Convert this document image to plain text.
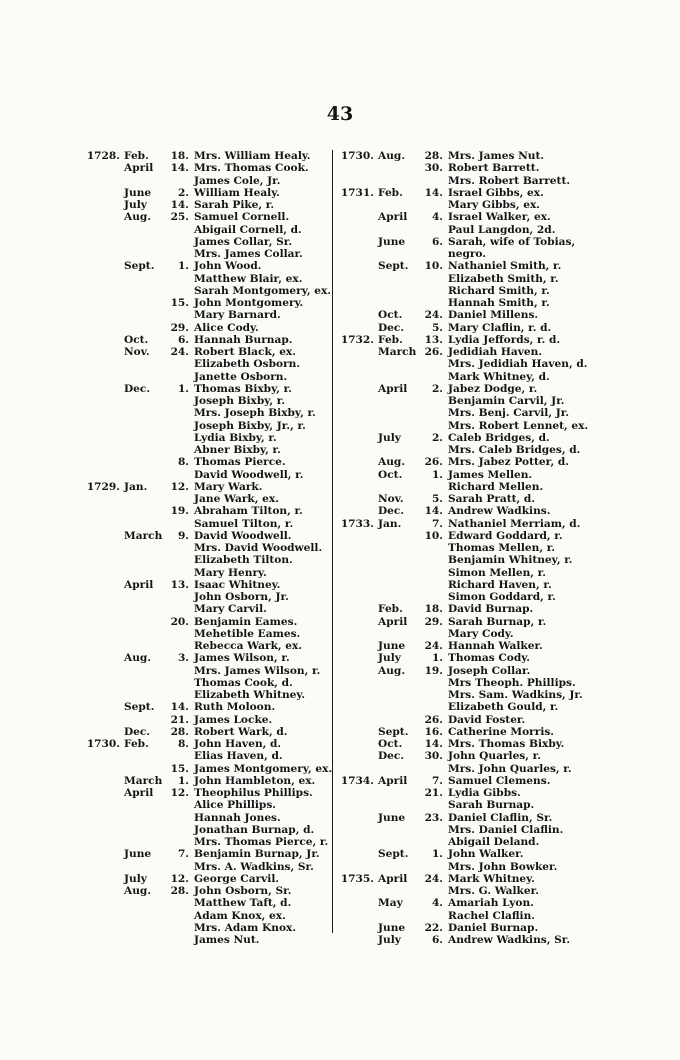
43
1728. Feb.	18. Mrs. William Healy.
April	14. Mrs. Thomas Cook.
James Cole, Jr.
June	2. William Healy.
July	14. Sarah Pike, r.
Aug.	25. Samuel Cornell.
Abigail Cornell, d.
James Collar, Sr.
Mrs. James Collar.
Sept.	1. John Wood.
Matthew Blair, ex.
Sarah Montgomery, ex.
15. John Montgomery.
Mary Barnard.
29. Alice Cody.
Oct.	6. Hannah Burnap.
Nov.	24. Robert Black, ex.
Elizabeth Osborn.
Janette Osborn.
Dec.	1. Thomas Bixby, r.
Joseph Bixby, r.
Mrs. Joseph Bixby, r.
Joseph Bixby, Jr., r.
Lydia Bixby, r.
Abner Bixby, r.
8. Thomas Pierce.
David Woodwell, r.
1729. Jan.	12. Mary Wark.
Jane Wark, ex.
19. Abraham Tilton, r.
Samuel Tilton, r.
March	9. David Woodwell.
Mrs. David Woodwell.
Elizabeth Tilton.
Mary Henry.
April	13. Isaac Whitney.
John Osborn, Jr.
Mary Carvil.
20. Benjamin Eames.
Mehetible Eames.
Rebecca Wark, ex.
Aug.	3. James Wilson, r.
Mrs. James Wilson, r.
Thomas Cook, d.
Elizabeth Whitney.
Sept.	14. Ruth Moloon.
21. James Locke.
Dec.	28. Robert Wark, d.
1730. Feb.	8. John Haven, d.
Elias Haven, d.
15. James Montgomery, ex.
March	1. John Hambleton, ex.
April	12. Theophilus Phillips.
Alice Phillips.
Hannah Jones.
Jonathan Burnap, d.
Mrs. Thomas Pierce, r.
June	7. Benjamin Burnap, Jr.
Mrs. A. Wadkins, Sr.
July	12. George Carvil.
Aug.	28. John Osborn, Sr.
Matthew Taft, d.
Adam Knox, ex.
Mrs. Adam Knox.
James Nut.
1730. Aug.	28. Mrs. James Nut.
30. Robert Barrett.
Mrs. Robert Barrett.
1731. Feb.	14. Israel Gibbs, ex.
Mary Gibbs, ex.
April	4. Israel Walker, ex.
Paul Langdon, 2d.
June	6. Sarah, wife of Tobias,
negro.
Sept.	10. Nathaniel Smith, r.
Elizabeth Smith, r.
Richard Smith, r.
Hannah Smith, r.
Oct.	24. Daniel Millens.
Dec.	5. Mary Claflin, r. d.
1732. Feb.	13. Lydia Jeffords, r. d.
March 26. Jedidiah Haven.
Mrs. Jedidiah Haven, d.
Mark Whitney, d.
April	2. Jabez Dodge, r.
Benjamin Carvil, Jr.
Mrs. Benj. Carvil, Jr.
Mrs. Robert Lennet, ex.
July	2. Caleb Bridges, d.
Mrs. Caleb Bridges, d.
Aug.	26. Mrs. Jabez Potter, d.
Oct.	1. James Mellen.
Richard Mellen.
Nov.	5. Sarah Pratt, d.
Dec.	14. Andrew Wadkins.
1733. Jan.	7. Nathaniel Merriam, d.
10. Edward Goddard, r.
Thomas Mellen, r.
Benjamin Whitney, r.
Simon Mellen, r.
Richard Haven, r.
Simon Goddard, r.
Feb.	18. David Burnap.
April	29. Sarah Burnap, r.
Mary Cody.
June	24. Hannah Walker.
July	1. Thomas Cody.
Aug.	19. Joseph Collar.
Mrs Theoph. Phillips.
Mrs. Sam. Wadkins, Jr.
Elizabeth Gould, r.
26. David Foster.
Sept.	16. Catherine Morris.
Oct.	14. Mrs. Thomas Bixby.
Dec.	30. John Quarles, r.
Mrs. John Quarles, r.
1734. April	7. Samuel Clemens.
21. Lydia Gibbs.
Sarah Burnap.
June	23. Daniel Claflin, Sr.
Mrs. Daniel Claflin.
Abigail Deland.
Sept.	1. John Walker.
Mrs. John Bowker.
1735. April	24. Mark Whitney.
Mrs. G. Walker.
May	4. Amariah Lyon.
Rachel Claflin.
June	22. Daniel Burnap.
July	6. Andrew Wadkins, Sr.
